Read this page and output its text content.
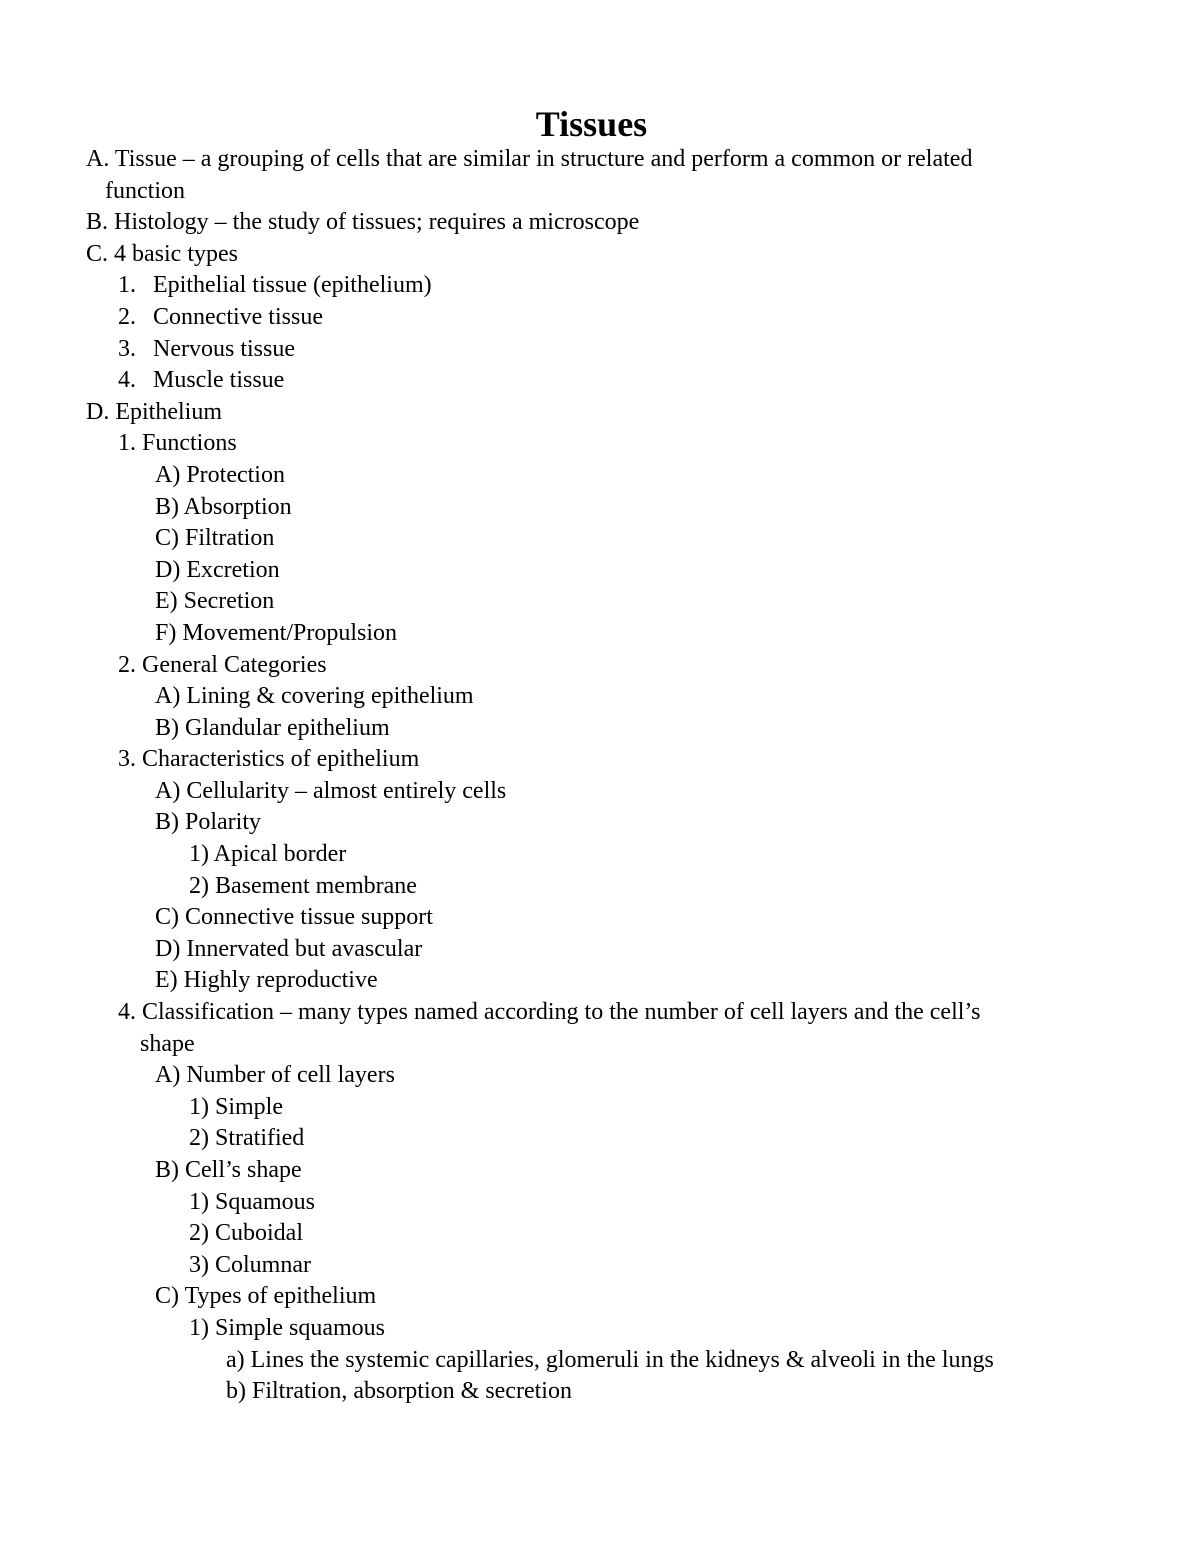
Tissues
A. Tissue – a grouping of cells that are similar in structure and perform a common or related
function
B. Histology – the study of tissues; requires a microscope
C. 4 basic types
1. Epithelial tissue (epithelium)
2. Connective tissue
3. Nervous tissue
4. Muscle tissue
D. Epithelium
1. Functions
A) Protection
B) Absorption
C) Filtration
D) Excretion
E) Secretion
F) Movement/Propulsion
2. General Categories
A) Lining & covering epithelium
B) Glandular epithelium
3. Characteristics of epithelium
A) Cellularity – almost entirely cells
B) Polarity
1) Apical border
2) Basement membrane
C) Connective tissue support
D) Innervated but avascular
E) Highly reproductive
4. Classification – many types named according to the number of cell layers and the cell’s
shape
A) Number of cell layers
1) Simple
2) Stratified
B) Cell’s shape
1) Squamous
2) Cuboidal
3) Columnar
C) Types of epithelium
1) Simple squamous
a) Lines the systemic capillaries, glomeruli in the kidneys & alveoli in the lungs
b) Filtration, absorption & secretion
